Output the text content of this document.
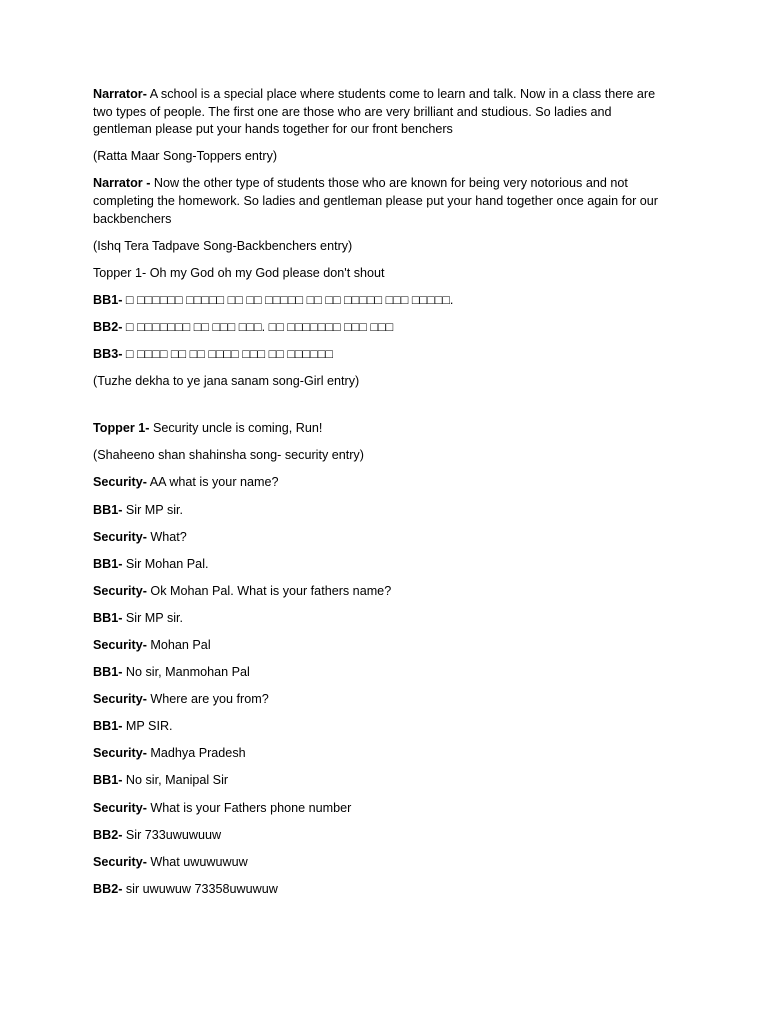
Narrator- A school is a special place where students come to learn and talk. Now in a class there are two types of people. The first one are those who are very brilliant and studious. So ladies and gentleman please put your hands together for our front benchers

(Ratta Maar Song-Toppers entry)

Narrator - Now the other type of students those who are known for being very notorious and not completing the homework. So ladies and gentleman please put your hand together once again for our backbenchers

(Ishq Tera Tadpave Song-Backbenchers entry)

Topper 1- Oh my God oh my God please don't shout

BB1- □ □□□□□□ □□□□□ □□ □□ □□□□□ □□ □□ □□□□□ □□□ □□□□□.

BB2- □ □□□□□□□ □□ □□□ □□□. □□ □□□□□□□ □□□ □□□

BB3- □ □□□□ □□ □□ □□□□ □□□ □□ □□□□□□

(Tuzhe dekha to ye jana sanam song-Girl entry)

Topper 1- Security uncle is coming, Run!

(Shaheeno shan shahinsha song- security entry)

Security- AA what is your name?

BB1- Sir MP sir.

Security- What?

BB1- Sir Mohan Pal.

Security- Ok Mohan Pal. What is your fathers name?

BB1- Sir MP sir.

Security- Mohan Pal

BB1- No sir, Manmohan Pal

Security- Where are you from?

BB1- MP SIR.

Security- Madhya Pradesh

BB1- No sir, Manipal Sir

Security- What is your Fathers phone number

BB2- Sir 733uwuwuuw

Security- What uwuwuwuw

BB2- sir uwuwuw 73358uwuwuw
